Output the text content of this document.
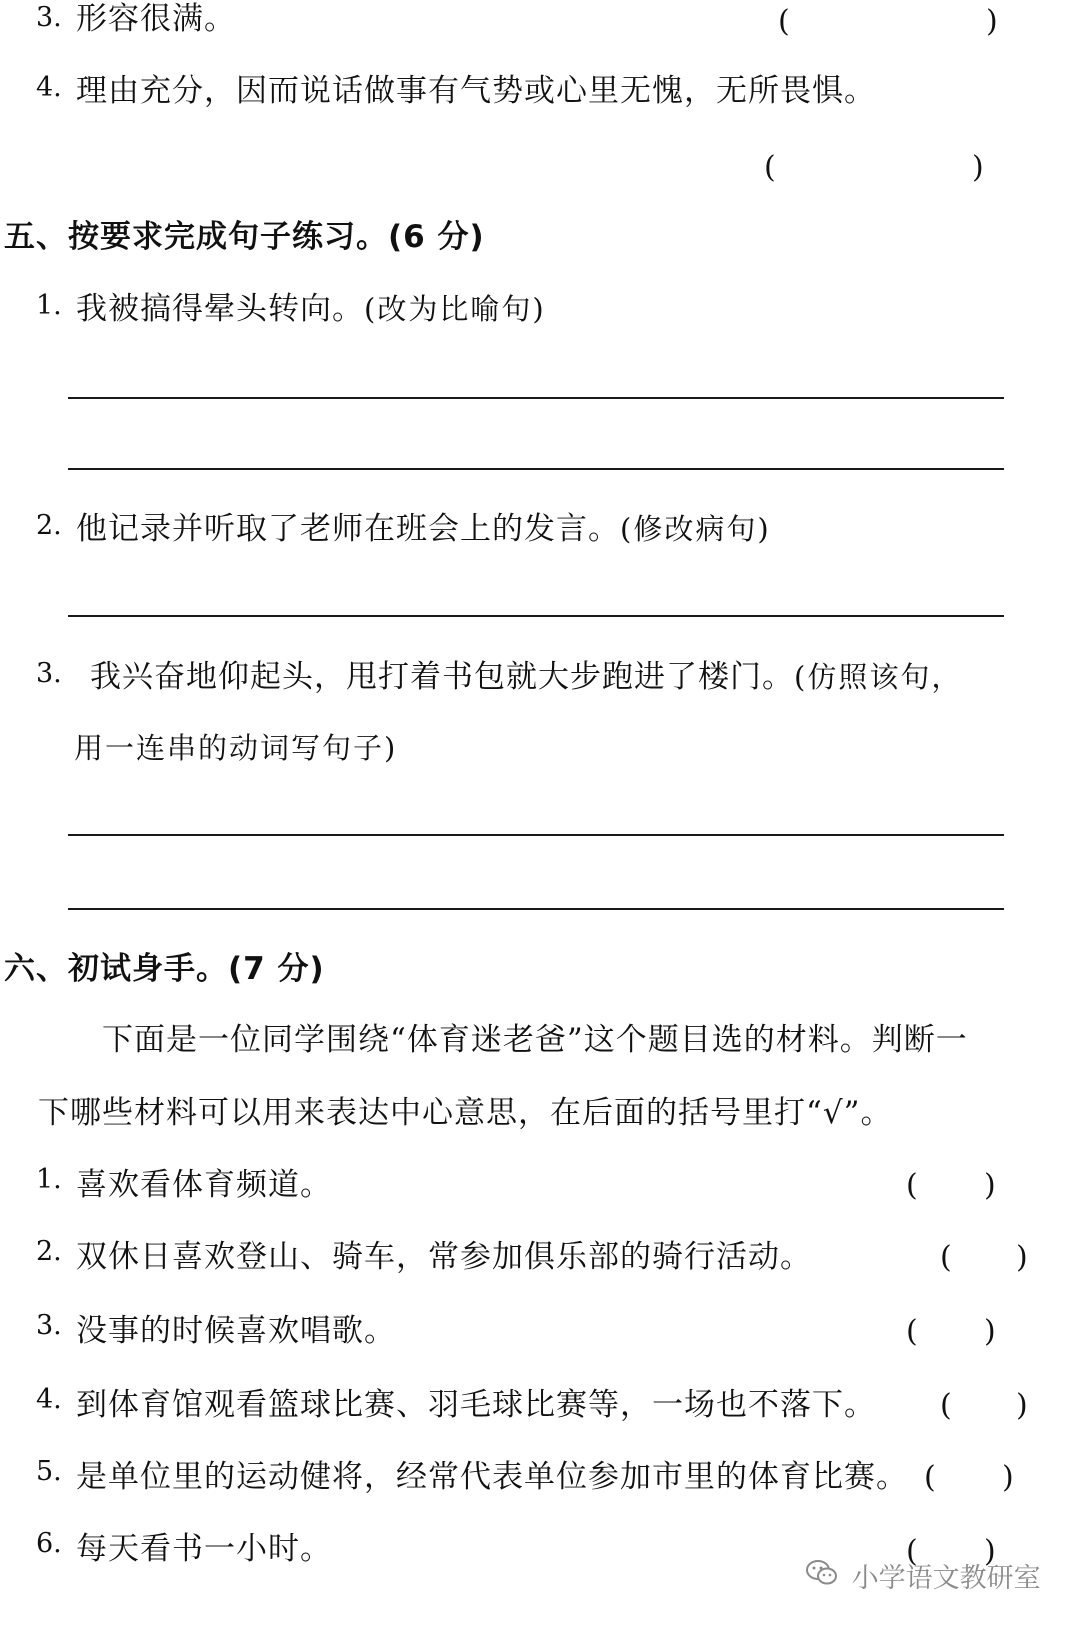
3. 形容很满。	(	)
4. 理由充分，因而说话做事有气势或心里无愧，无所畏惧。
(	)
五、按要求完成句子练习。(6 分)
1. 我被搞得晕头转向。(改为比喻句)
2. 他记录并听取了老师在班会上的发言。(修改病句)
3. 我兴奋地仰起头，甩打着书包就大步跑进了楼门。(仿照该句，
用一连串的动词写句子)
六、初试身手。(7 分)
下面是一位同学围绕“体育迷老爸”这个题目选的材料。判断一
下哪些材料可以用来表达中心意思，在后面的括号里打“√”。
1. 喜欢看体育频道。	( )
2. 双休日喜欢登山、骑车，常参加俱乐部的骑行活动。	( )
3. 没事的时候喜欢唱歌。	( )
4. 到体育馆观看篮球比赛、羽毛球比赛等，一场也不落下。 ( )
5. 是单位里的运动健将，经常代表单位参加市里的体育比赛。 ( )
6. 每天看书一小时。	( )
小学语文教研室
